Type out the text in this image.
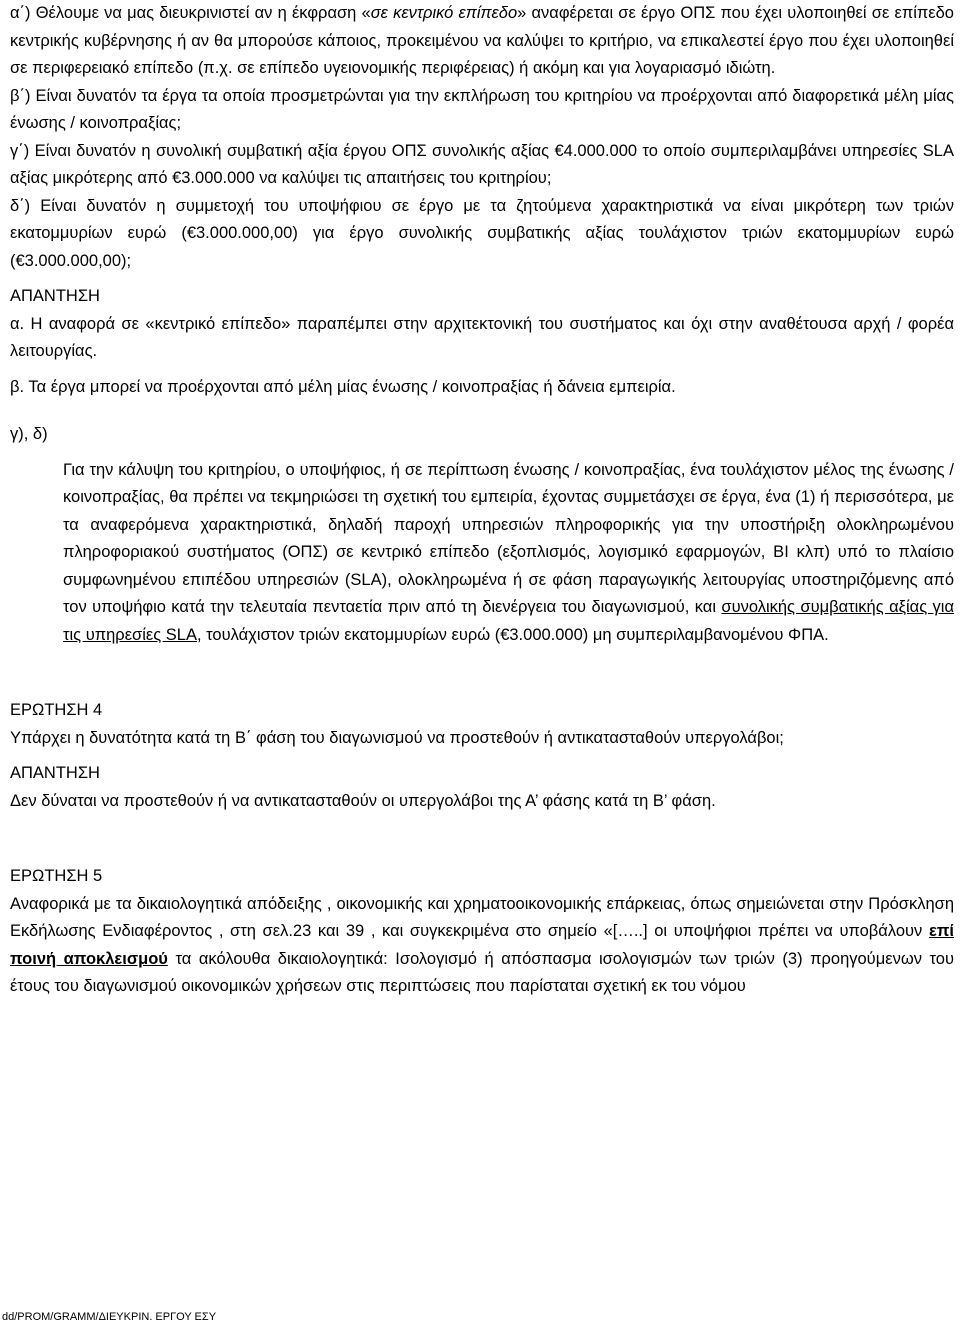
α΄) Θέλουμε να μας διευκρινιστεί αν η έκφραση «σε κεντρικό επίπεδο» αναφέρεται σε έργο ΟΠΣ που έχει υλοποιηθεί σε επίπεδο κεντρικής κυβέρνησης ή αν θα μπορούσε κάποιος, προκειμένου να καλύψει το κριτήριο, να επικαλεστεί έργο που έχει υλοποιηθεί σε περιφερειακό επίπεδο (π.χ. σε επίπεδο υγειονομικής περιφέρειας) ή ακόμη και για λογαριασμό ιδιώτη.

β΄) Είναι δυνατόν τα έργα τα οποία προσμετρώνται για την εκπλήρωση του κριτηρίου να προέρχονται από διαφορετικά μέλη μίας ένωσης / κοινοπραξίας;

γ΄) Είναι δυνατόν η συνολική συμβατική αξία έργου ΟΠΣ συνολικής αξίας €4.000.000 το οποίο συμπεριλαμβάνει υπηρεσίες SLA αξίας μικρότερης από €3.000.000 να καλύψει τις απαιτήσεις του κριτηρίου;

δ΄) Είναι δυνατόν η συμμετοχή του υποψήφιου σε έργο με τα ζητούμενα χαρακτηριστικά να είναι μικρότερη των τριών εκατομμυρίων ευρώ (€3.000.000,00) για έργο συνολικής συμβατικής αξίας τουλάχιστον τριών εκατομμυρίων ευρώ (€3.000.000,00);

ΑΠΑΝΤΗΣΗ

α. Η αναφορά σε «κεντρικό επίπεδο» παραπέμπει στην αρχιτεκτονική του συστήματος και όχι στην αναθέτουσα αρχή / φορέα λειτουργίας.

β. Τα έργα μπορεί να προέρχονται από μέλη μίας ένωσης / κοινοπραξίας ή δάνεια εμπειρία.

γ), δ)

Για την κάλυψη του κριτηρίου, ο υποψήφιος, ή σε περίπτωση ένωσης / κοινοπραξίας, ένα τουλάχιστον μέλος της ένωσης / κοινοπραξίας, θα πρέπει να τεκμηριώσει τη σχετική του εμπειρία, έχοντας συμμετάσχει σε έργα, ένα (1) ή περισσότερα, με τα αναφερόμενα χαρακτηριστικά, δηλαδή παροχή υπηρεσιών πληροφορικής για την υποστήριξη ολοκληρωμένου πληροφοριακού συστήματος (ΟΠΣ) σε κεντρικό επίπεδο (εξοπλισμός, λογισμικό εφαρμογών, BI κλπ) υπό το πλαίσιο συμφωνημένου επιπέδου υπηρεσιών (SLA), ολοκληρωμένα ή σε φάση παραγωγικής λειτουργίας υποστηριζόμενης από τον υποψήφιο κατά την τελευταία πενταετία πριν από τη διενέργεια του διαγωνισμού, και συνολικής συμβατικής αξίας για τις υπηρεσίες SLA, τουλάχιστον τριών εκατομμυρίων ευρώ (€3.000.000) μη συμπεριλαμβανομένου ΦΠΑ.

ΕΡΩΤΗΣΗ 4

Υπάρχει η δυνατότητα κατά τη Β΄ φάση του διαγωνισμού να προστεθούν ή αντικατασταθούν υπεργολάβοι;

ΑΠΑΝΤΗΣΗ

Δεν δύναται να προστεθούν ή να αντικατασταθούν οι υπεργολάβοι της Α’ φάσης κατά τη Β’ φάση.

ΕΡΩΤΗΣΗ 5

Αναφορικά με τα δικαιολογητικά απόδειξης , οικονομικής και χρηματοοικονομικής επάρκειας, όπως σημειώνεται στην Πρόσκληση Εκδήλωσης Ενδιαφέροντος , στη σελ.23 και 39 , και συγκεκριμένα στο σημείο «[…..] οι υποψήφιοι πρέπει να υποβάλουν επί ποινή αποκλεισμού τα ακόλουθα δικαιολογητικά: Ισολογισμό ή απόσπασμα ισολογισμών των τριών (3) προηγούμενων του έτους του διαγωνισμού οικονομικών χρήσεων στις περιπτώσεις που παρίσταται σχετική εκ του νόμου

dd/PROM/GRAMM/ΔΙΕΥΚΡΙΝ. ΕΡΓΟΥ ΕΣΥ
